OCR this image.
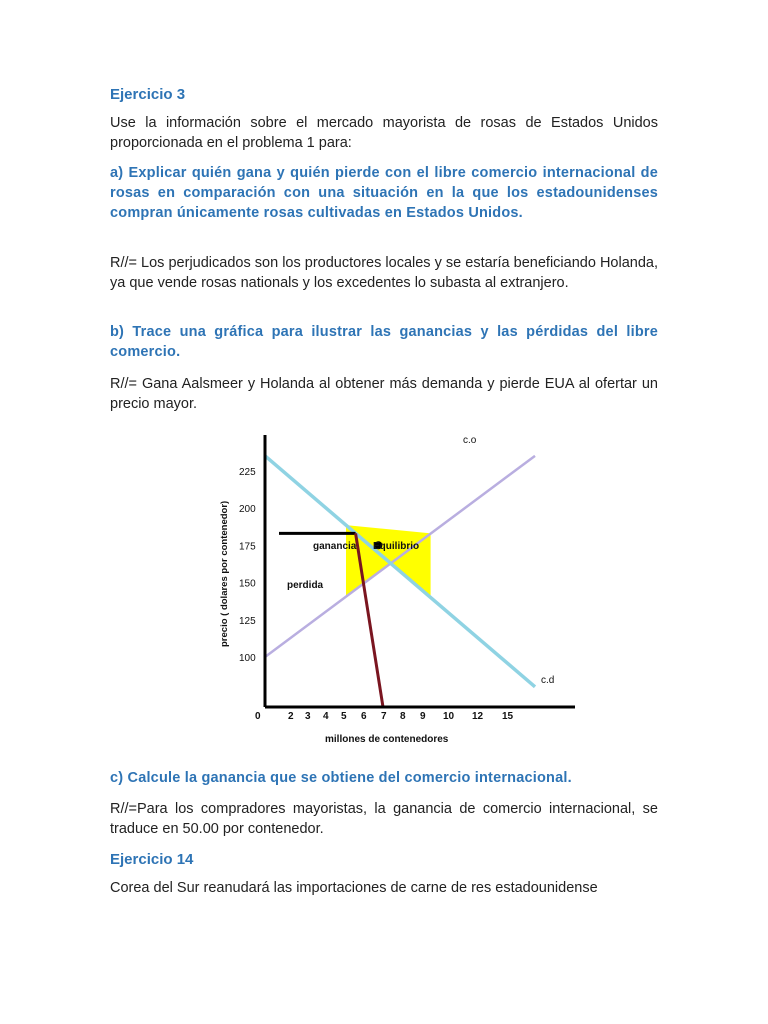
Ejercicio 3
Use la información sobre el mercado mayorista de rosas de Estados Unidos proporcionada en el problema 1 para:
a) Explicar quién gana y quién pierde con el libre comercio internacional de rosas en comparación con una situación en la que los estadounidenses compran únicamente rosas cultivadas en Estados Unidos.
R//= Los perjudicados son los productores locales y se estaría beneficiando Holanda, ya que vende rosas nationals y los excedentes lo subasta al extranjero.
b) Trace una gráfica para ilustrar las ganancias y las pérdidas del libre comercio.
R//= Gana Aalsmeer y Holanda al obtener más demanda y pierde EUA al ofertar un precio mayor.
c) Calcule la ganancia que se obtiene del comercio internacional.
R//=Para los compradores mayoristas, la ganancia de comercio internacional, se traduce en 50.00 por contenedor.
Ejercicio 14
Corea del Sur reanudará las importaciones de carne de res estadounidense
100
125
150
175
200
225
0	2 3 4 5 6 7 8 9 10 12 15
millones de contenedores
precio ( dolares por contenedor)
c.o
c.d
ganancia Equilibrio
perdida
